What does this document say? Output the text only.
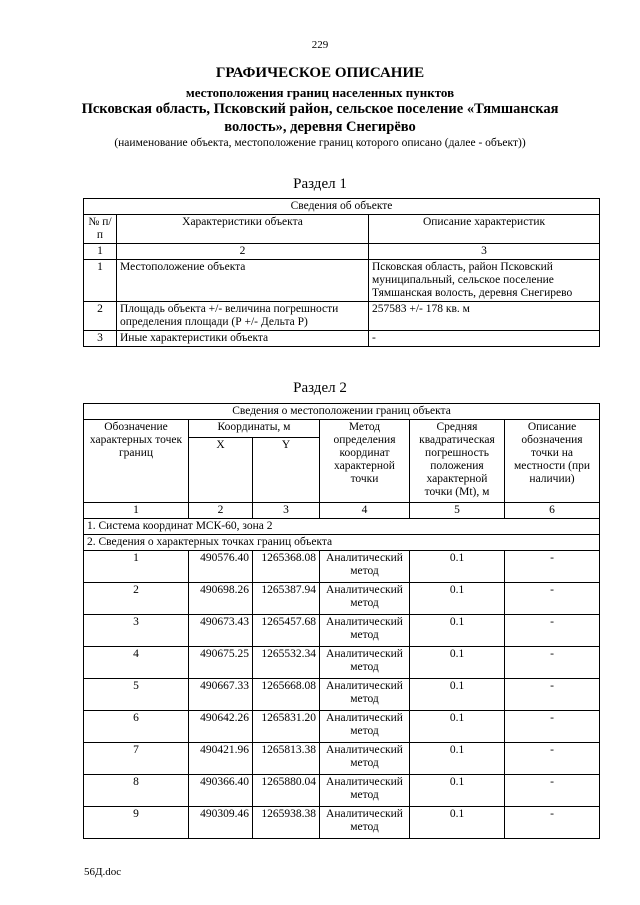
229
ГРАФИЧЕСКОЕ ОПИСАНИЕ
местоположения границ населенных пунктов
Псковская область, Псковский район, сельское поселение «Тямшанская
волость», деревня Снегирёво
(наименование объекта, местоположение границ которого описано (далее - объект))
Раздел 1
Сведения об объекте		
№ п/п	Характеристики объекта	Описание характеристик
1	2	3
1	Местоположение объекта	Псковская область, район Псковский муниципальный, сельское поселение Тямшанская волость, деревня Снегирево
2	Площадь объекта +/- величина погрешности определения площади (Р +/- Дельта Р)	257583 +/- 178 кв. м
3	Иные характеристики объекта	-
Раздел 2
Сведения о местоположении границ объекта					
Обозначение характерных точек границ	Координаты, м		Метод определения координат характерной точки	Средняя квадратическая погрешность положения характерной точки (Mt), м	Описание обозначения точки на местности (при наличии)
	X	Y			
1	2	3	4	5	6
1. Система координат МСК-60, зона 2					
2. Сведения о характерных точках границ объекта					
1	490576.40	1265368.08	Аналитический метод	0.1	-
2	490698.26	1265387.94	Аналитический метод	0.1	-
3	490673.43	1265457.68	Аналитический метод	0.1	-
4	490675.25	1265532.34	Аналитический метод	0.1	-
5	490667.33	1265668.08	Аналитический метод	0.1	-
6	490642.26	1265831.20	Аналитический метод	0.1	-
7	490421.96	1265813.38	Аналитический метод	0.1	-
8	490366.40	1265880.04	Аналитический метод	0.1	-
9	490309.46	1265938.38	Аналитический метод	0.1	-
56Д.doc
